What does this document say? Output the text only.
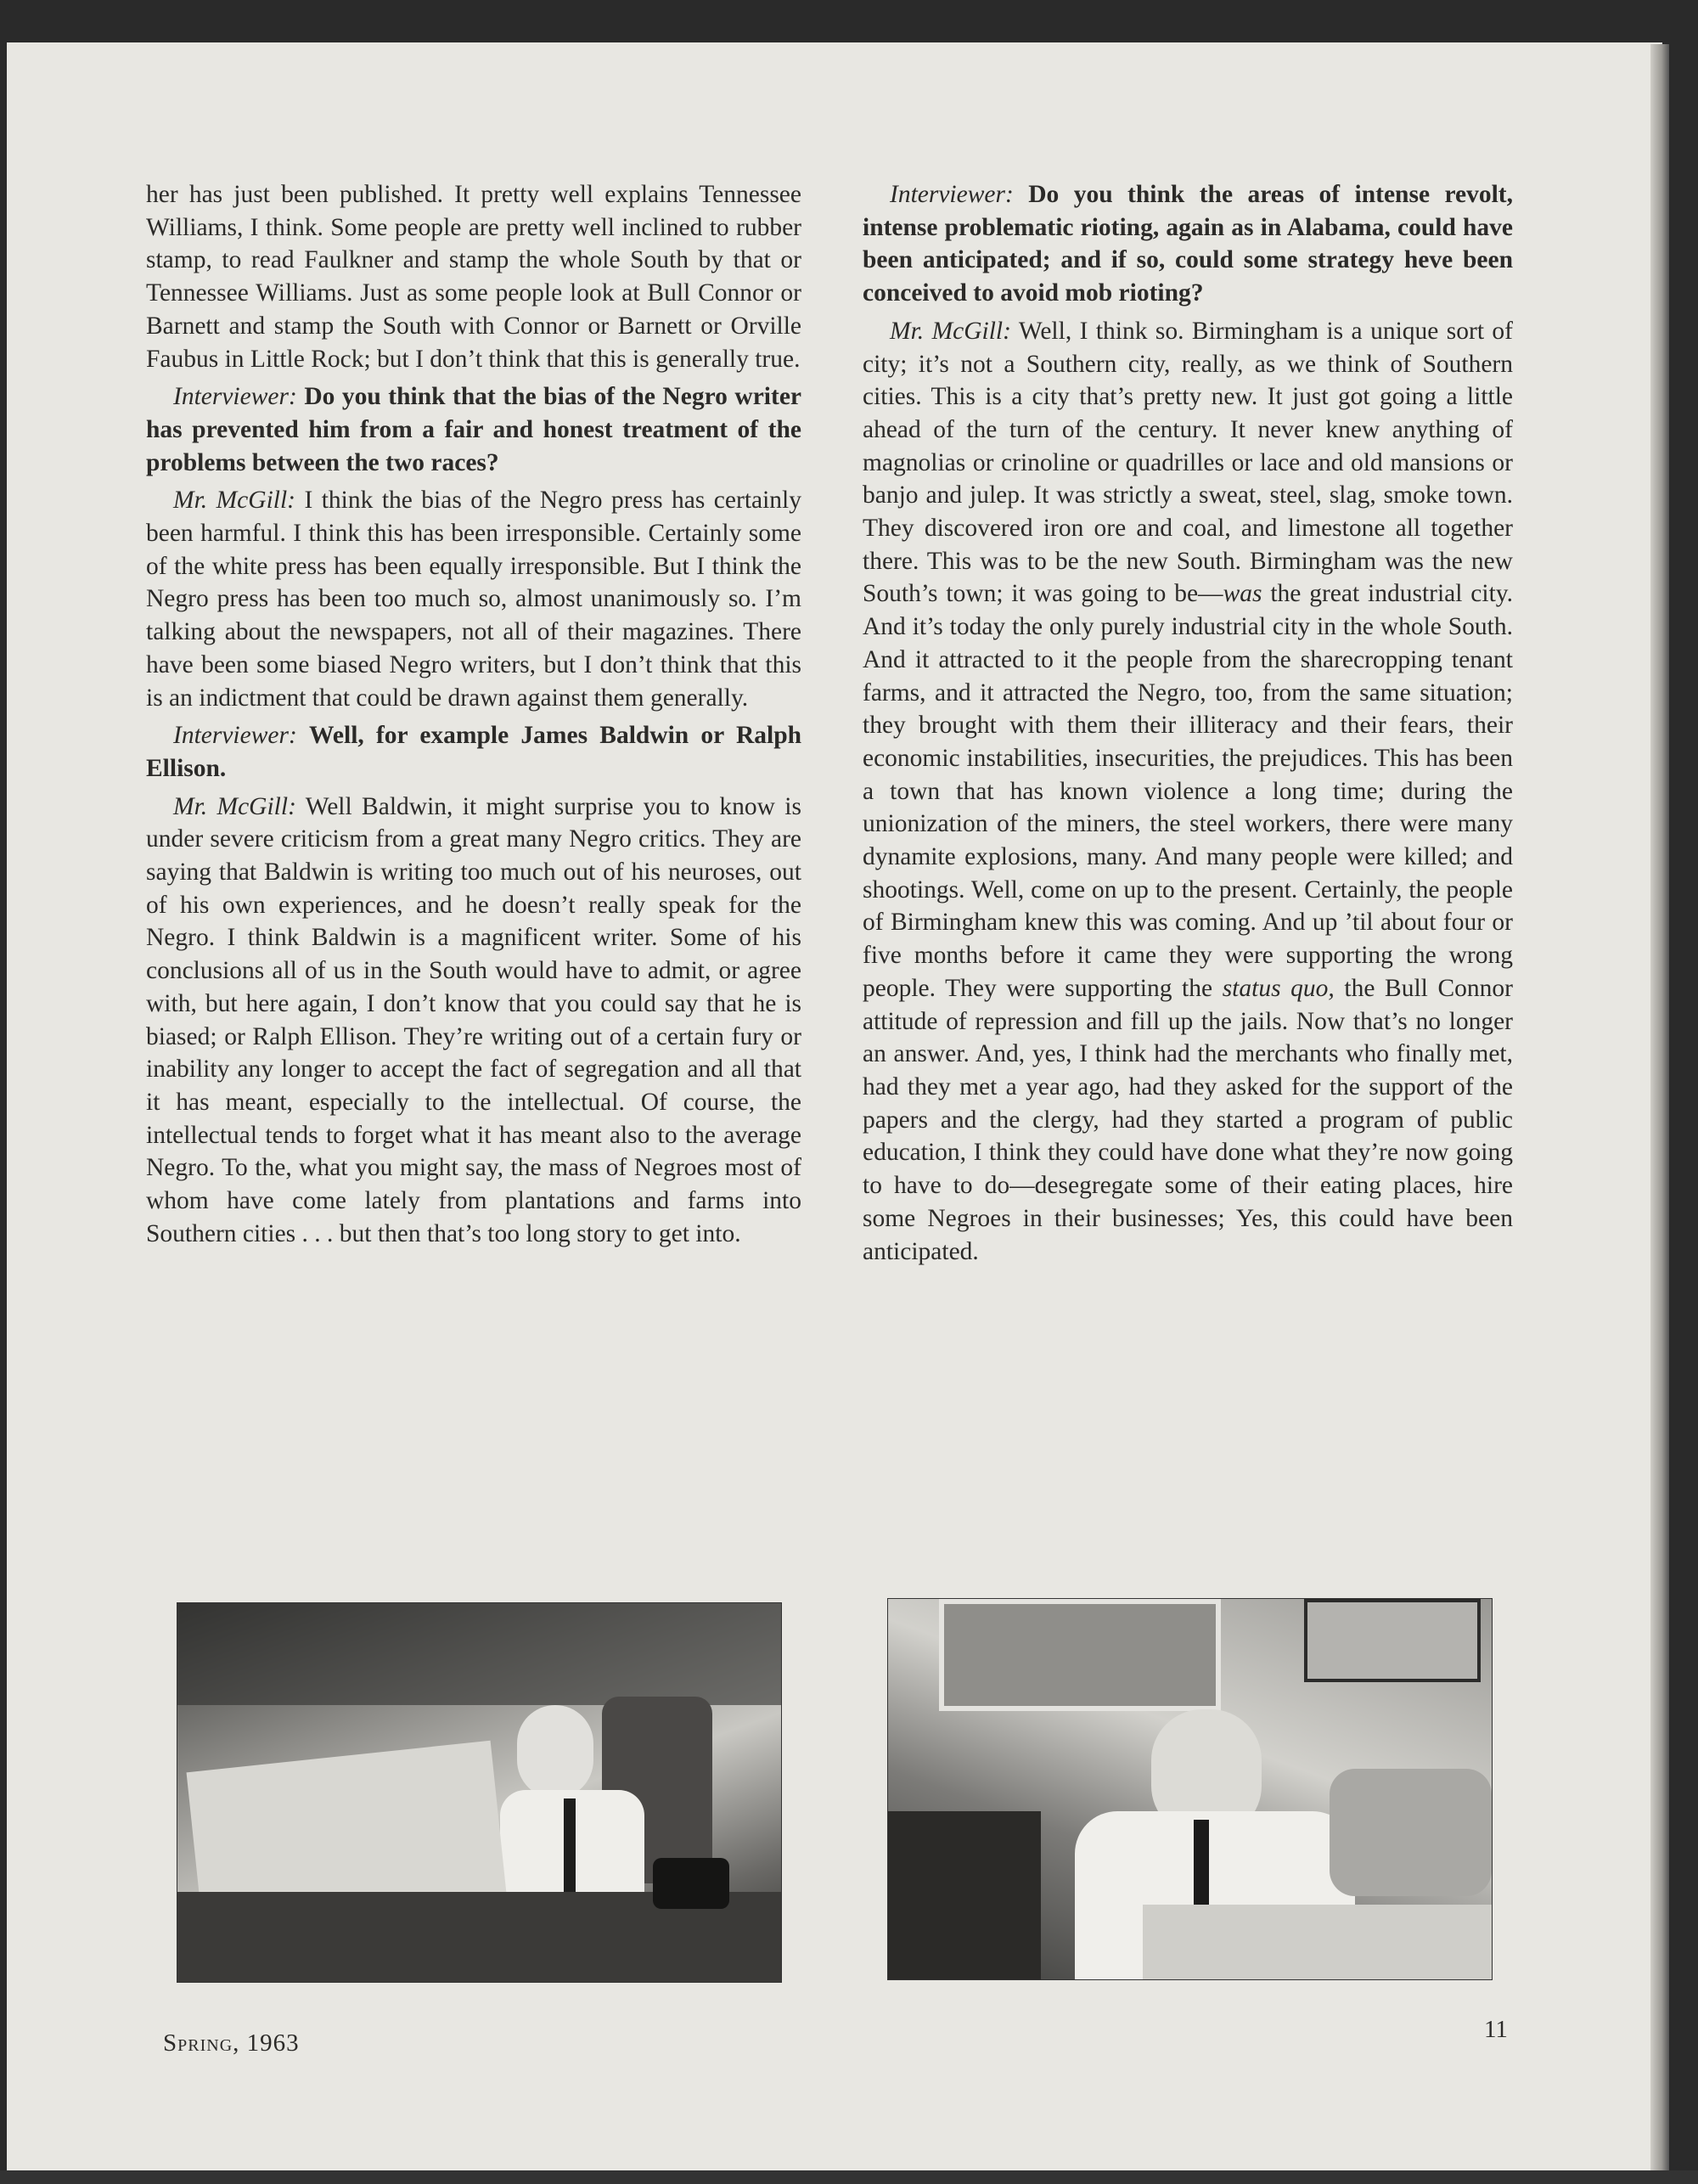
her has just been published. It pretty well explains Tennessee Williams, I think. Some people are pretty well inclined to rubber stamp, to read Faulkner and stamp the whole South by that or Tennessee Williams. Just as some people look at Bull Connor or Barnett and stamp the South with Connor or Barnett or Orville Faubus in Little Rock; but I don’t think that this is generally true.

Interviewer: Do you think that the bias of the Negro writer has prevented him from a fair and honest treatment of the problems between the two races?

Mr. McGill: I think the bias of the Negro press has certainly been harmful. I think this has been irresponsible. Certainly some of the white press has been equally irresponsible. But I think the Negro press has been too much so, almost unanimously so. I’m talking about the newspapers, not all of their magazines. There have been some biased Negro writers, but I don’t think that this is an indictment that could be drawn against them generally.

Interviewer: Well, for example James Baldwin or Ralph Ellison.

Mr. McGill: Well Baldwin, it might surprise you to know is under severe criticism from a great many Negro critics. They are saying that Baldwin is writing too much out of his neuroses, out of his own experiences, and he doesn’t really speak for the Negro. I think Baldwin is a magnificent writer. Some of his conclusions all of us in the South would have to admit, or agree with, but here again, I don’t know that you could say that he is biased; or Ralph Ellison. They’re writing out of a certain fury or inability any longer to accept the fact of segregation and all that it has meant, especially to the intellectual. Of course, the intellectual tends to forget what it has meant also to the average Negro. To the, what you might say, the mass of Negroes most of whom have come lately from plantations and farms into Southern cities . . . but then that’s too long story to get into.

Interviewer: Do you think the areas of intense revolt, intense problematic rioting, again as in Alabama, could have been anticipated; and if so, could some strategy heve been conceived to avoid mob rioting?

Mr. McGill: Well, I think so. Birmingham is a unique sort of city; it’s not a Southern city, really, as we think of Southern cities. This is a city that’s pretty new. It just got going a little ahead of the turn of the century. It never knew anything of magnolias or crinoline or quadrilles or lace and old mansions or banjo and julep. It was strictly a sweat, steel, slag, smoke town. They discovered iron ore and coal, and limestone all together there. This was to be the new South. Birmingham was the new South’s town; it was going to be—was the great industrial city. And it’s today the only purely industrial city in the whole South. And it attracted to it the people from the sharecropping tenant farms, and it attracted the Negro, too, from the same situation; they brought with them their illiteracy and their fears, their economic instabilities, insecurities, the prejudices. This has been a town that has known violence a long time; during the unionization of the miners, the steel workers, there were many dynamite explosions, many. And many people were killed; and shootings. Well, come on up to the present. Certainly, the people of Birmingham knew this was coming. And up ’til about four or five months before it came they were supporting the wrong people. They were supporting the status quo, the Bull Connor attitude of repression and fill up the jails. Now that’s no longer an answer. And, yes, I think had the merchants who finally met, had they met a year ago, had they asked for the support of the papers and the clergy, had they started a program of public education, I think they could have done what they’re now going to have to do—desegregate some of their eating places, hire some Negroes in their businesses; Yes, this could have been anticipated.

Spring, 1963	11
